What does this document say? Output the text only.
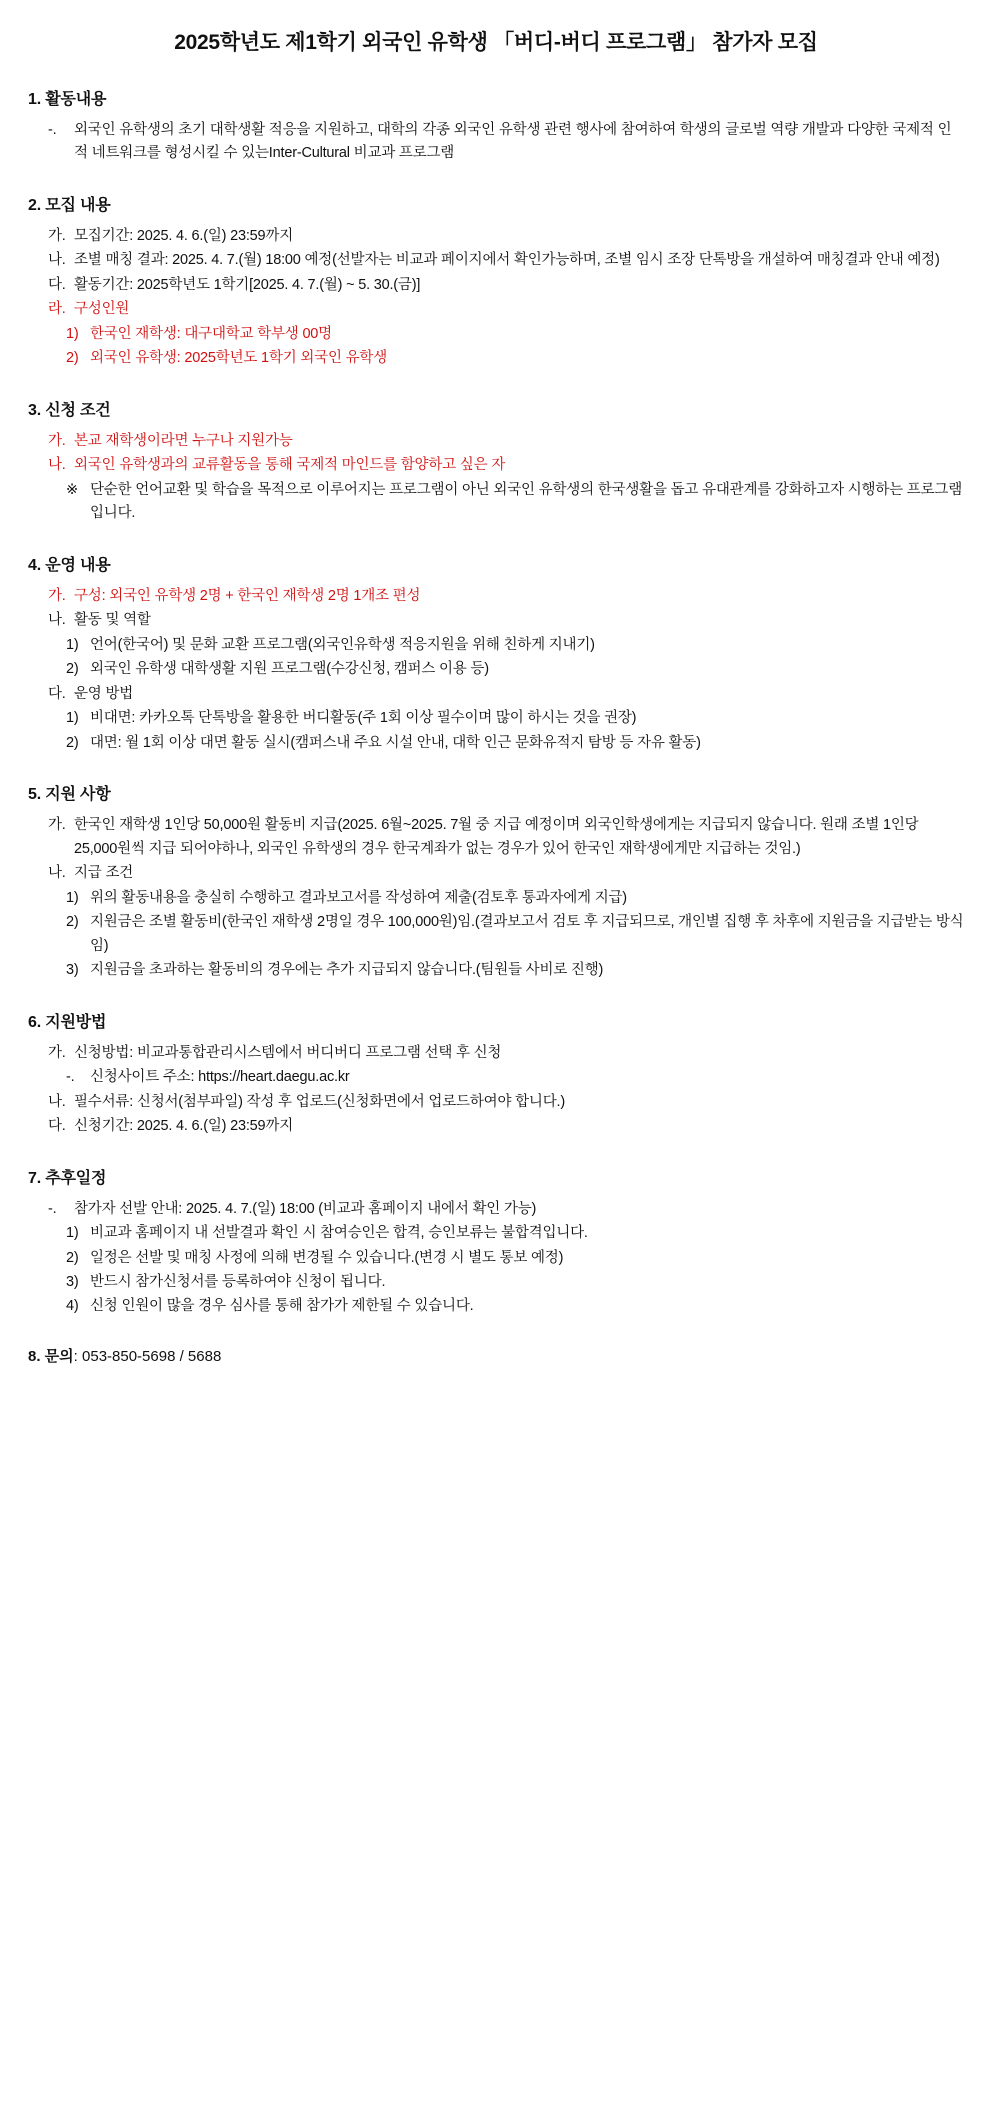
2025학년도 제1학기 외국인 유학생 「버디-버디 프로그램」 참가자 모집
1. 활동내용
-.	외국인 유학생의 초기 대학생활 적응을 지원하고, 대학의 각종 외국인 유학생 관련 행사에 참여하여 학생의 글로벌 역량 개발과 다양한 국제적 인적 네트워크를 형성시킬 수 있는Inter-Cultural 비교과 프로그램
2. 모집 내용
가. 모집기간: 2025. 4. 6.(일) 23:59까지
나. 조별 매칭 결과: 2025. 4. 7.(월) 18:00 예정(선발자는 비교과 페이지에서 확인가능하며, 조별 임시 조장 단톡방을 개설하여 매칭결과 안내 예정)
다. 활동기간: 2025학년도 1학기[2025. 4. 7.(월) ~ 5. 30.(금)]
라. 구성인원
1) 한국인 재학생: 대구대학교 학부생 00명
2) 외국인 유학생: 2025학년도 1학기 외국인 유학생
3. 신청 조건
가. 본교 재학생이라면 누구나 지원가능
나. 외국인 유학생과의 교류활동을 통해 국제적 마인드를 함양하고 싶은 자
※ 단순한 언어교환 및 학습을 목적으로 이루어지는 프로그램이 아닌 외국인 유학생의 한국생활을 돕고 유대관계를 강화하고자 시행하는 프로그램입니다.
4. 운영 내용
가. 구성: 외국인 유학생 2명 + 한국인 재학생 2명 1개조 편성
나. 활동 및 역할
1) 언어(한국어) 및 문화 교환 프로그램(외국인유학생 적응지원을 위해 친하게 지내기)
2) 외국인 유학생 대학생활 지원 프로그램(수강신청, 캠퍼스 이용 등)
다. 운영 방법
1) 비대면: 카카오톡 단톡방을 활용한 버디활동(주 1회 이상 필수이며 많이 하시는 것을 권장)
2) 대면: 월 1회 이상 대면 활동 실시(캠퍼스내 주요 시설 안내, 대학 인근 문화유적지 탐방 등 자유 활동)
5. 지원 사항
가. 한국인 재학생 1인당 50,000원 활동비 지급(2025. 6월~2025. 7월 중 지급 예정이며 외국인학생에게는 지급되지 않습니다. 원래 조별 1인당 25,000원씩 지급 되어야하나, 외국인 유학생의 경우 한국계좌가 없는 경우가 있어 한국인 재학생에게만 지급하는 것임.)
나. 지급 조건
1) 위의 활동내용을 충실히 수행하고 결과보고서를 작성하여 제출(검토후 통과자에게 지급)
2) 지원금은 조별 활동비(한국인 재학생 2명일 경우 100,000원)임.(결과보고서 검토 후 지급되므로, 개인별 집행 후 차후에 지원금을 지급받는 방식임)
3) 지원금을 초과하는 활동비의 경우에는 추가 지급되지 않습니다.(팀원들 사비로 진행)
6. 지원방법
가. 신청방법: 비교과통합관리시스템에서 버디버디 프로그램 선택 후 신청
-.	신청사이트 주소: https://heart.daegu.ac.kr
나. 필수서류: 신청서(첨부파일) 작성 후 업로드(신청화면에서 업로드하여야 합니다.)
다. 신청기간: 2025. 4. 6.(일) 23:59까지
7. 추후일정
-.	참가자 선발 안내: 2025. 4. 7.(일) 18:00 (비교과 홈페이지 내에서 확인 가능)
1) 비교과 홈페이지 내 선발결과 확인 시 참여승인은 합격, 승인보류는 불합격입니다.
2) 일정은 선발 및 매칭 사정에 의해 변경될 수 있습니다.(변경 시 별도 통보 예정)
3) 반드시 참가신청서를 등록하여야 신청이 됩니다.
4) 신청 인원이 많을 경우 심사를 통해 참가가 제한될 수 있습니다.
8. 문의: 053-850-5698 / 5688
